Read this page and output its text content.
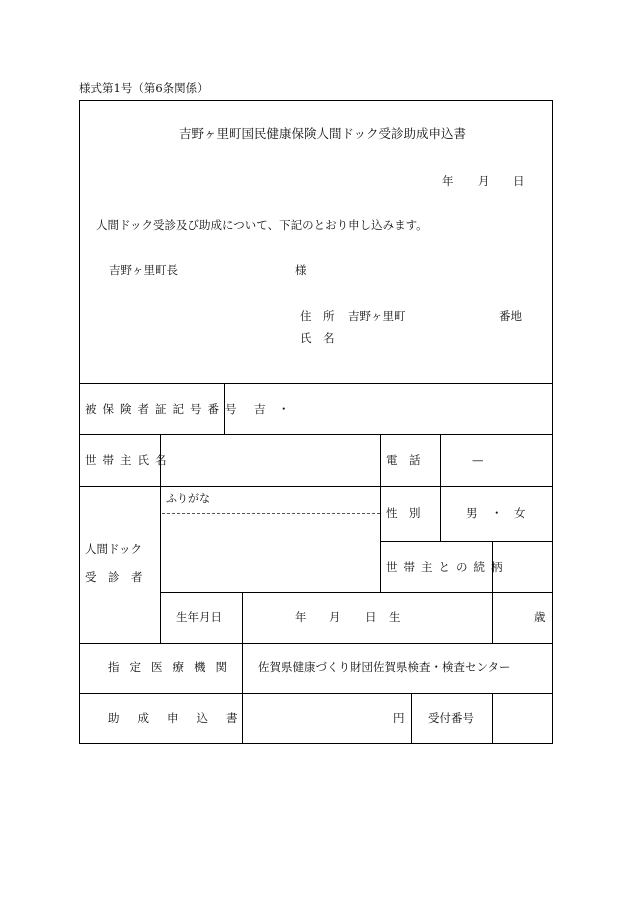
様式第1号（第6条関係）
吉野ヶ里町国民健康保険人間ドック受診助成申込書
年 月 日
人間ドック受診及び助成について、下記のとおり申し込みます。
吉野ヶ里町長	様
住　所 吉野ヶ里町	番地
氏　名
被保険者証記号番号 吉 ・
世帯主氏名	電　話	—
ふりがな
人間ドック
受　診　者
性　別	男 ・ 女
世帯主との続柄
生年月日	年 月 日 生	歳
指定医療機関 佐賀県健康づくり財団佐賀県検査・検査センター
助成申込書	円 受付番号
